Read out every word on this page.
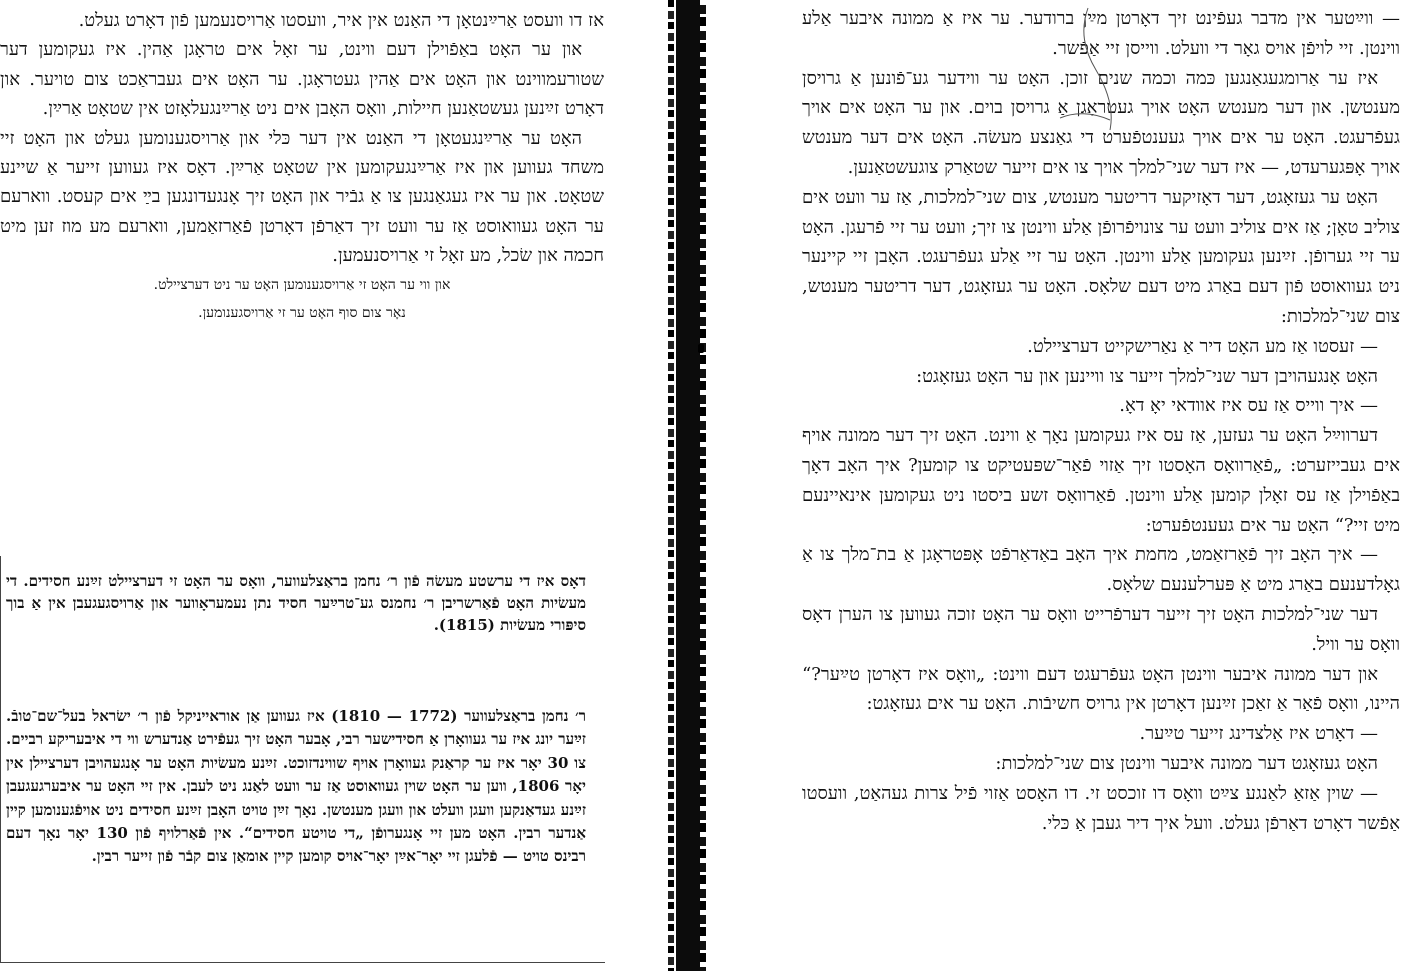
אז דו וועסט אַרײַנטאָן די האַנט אין איר, וועסטו אַרויסנעמען פֿון דאָרט געלט.

און ער האָט באַפֿוילן דעם ווינט, ער זאָל אים טראָגן אַהין. איז געקומען דער שטורעמווינט און האָט אים אַהין געטראָגן. ער האָט אים געבראַכט צום טויער. און דאָרט זײַנען געשטאַנען חיילות, וואָס האָבן אים ניט אַרײַנגעלאָזט אין שטאָט אַרײַן.

האָט ער אַרײַנגעטאָן די האַנט אין דער כּלי און אַרויסגענומען געלט און האָט זיי משחד געווען און איז אַרײַנגעקומען אין שטאָט אַרײַן. דאָס איז געווען זייער אַ שיינע שטאָט. און ער איז געגאַנגען צו אַ גבֿיר און האָט זיך אָנגעדונגען בײַ אים קעסט. ווארעם ער האָט געוואוסט אַז ער וועט זיך דאַרפֿן דאָרטן פֿאַרזאַמען, ווארעם מע מוז זען מיט חכמה און שׂכל, מע זאָל זי אַרויסנעמען.

און ווי ער האָט זי אַרויסגענומען האָט ער ניט דערציילט.

נאָר צום סוף האָט ער זי אַרויסגענומען.

דאָס איז די ערשטע מעשׂה פֿון ר׳ נחמן בראַצלעווער, וואָס ער האָט זי דערציילט זײַנע חסידים. די מעשׂיות האָט פֿאַרשריבן ר׳ נחמנס גע־טרײַער חסיד נתן נעמעראָווער און אַרויסגעגעבן אין אַ בוך סיפּורי מעשׂיות (1815).

ר׳ נחמן בראַצלעווער (1772 — 1810) איז געווען אַן אוראייניקל פֿון ר׳ ישׂראל בעל־שם־טובֿ. זײַער יונג איז ער געוואָרן אַ חסידישער רבי, אָבער האָט זיך געפֿירט אַנדערש ווי די איבעריקע רביים. צו 30 יאָר איז ער קראַנק געוואָרן אויף שווינדזוכט. זײַנע מעשׂיות האָט ער אָנגעהויבן דערציילן אין יאָר 1806, ווען ער האָט שוין געוואוסט אַז ער וועט לאַנג ניט לעבן. אין זיי האָט ער איבערגעגעבן זײַנע געדאַנקען וועגן וועלט און וועגן מענטשן. נאָך זײַן טויט האָבן זײַנע חסידים ניט אויפֿגענומען קיין אַנדער רבין. האָט מען זיי אָנגערופֿן „די טויטע חסידים“. אין פֿאַרלויף פֿון 130 יאָר נאָך דעם רבינס טויט — פֿלעגן זיי יאָר־אײַן יאָר־אויס קומען קיין אומאַן צום קבֿר פֿון זייער רבין.

— ווײַטער אין מדבר געפֿינט זיך דאָרטן מײַן ברודער. ער איז אַ ממונה איבער אַלע ווינטן. זיי לויפֿן אויס גאָר די וועלט. ווייסן זיי אַפֿשר.

איז ער אַרומגעגאַנגען כּמה וכמה שנים זוכן. האָט ער ווידער גע־פֿונען אַ גרויסן מענטשן. און דער מענטש האָט אויך געטראָגן אַ גרויסן בוים. און ער האָט אים אויך געפֿרעגט. האָט ער אים אויך געענטפֿערט די גאַנצע מעשׂה. האָט אים דער מענטש אויך אָפּגערעדט, — איז דער שני־למלך אויך צו אים זייער שטאַרק צוגעשטאַנען.

האָט ער געזאָגט, דער דאָזיקער דריטער מענטש, צום שני־למלכות, אַז ער וועט אים צוליב טאָן; אַז אים צוליב וועט ער צונויפֿרופֿן אַלע ווינטן צו זיך; וועט ער זיי פֿרעגן. האָט ער זיי גערופֿן. זײַנען געקומען אַלע ווינטן. האָט ער זיי אַלע געפֿרעגט. האָבן זיי קיינער ניט געוואוסט פֿון דעם באַרג מיט דעם שלאָס. האָט ער געזאָגט, דער דריטער מענטש, צום שני־למלכות:

— זעסטו אַז מע האָט דיר אַ נאַרישקייט דערציילט.

האָט אָנגעהויבן דער שני־למלך זייער צו וויינען און ער האָט געזאָגט:

— איך ווייס אַז עס איז אוודאי יאָ דאָ.

דערווײַל האָט ער געזען, אַז עס איז געקומען נאָך אַ ווינט. האָט זיך דער ממונה אויף אים געבייזערט: „פֿאַרוואָס האָסטו זיך אַזוי פֿאַר־שפּעטיקט צו קומען? איך האָב דאָך באַפֿוילן אַז עס זאָלן קומען אַלע ווינטן. פֿאַרוואָס זשע ביסטו ניט געקומען אינאיינעם מיט זיי?“ האָט ער אים געענטפֿערט:

— איך האָב זיך פֿאַרזאַמט, מחמת איך האָב באַדאַרפֿט אָפּטראָגן אַ בת־מלך צו אַ גאָלדענעם באַרג מיט אַ פּערלענעם שלאָס.

דער שני־למלכות האָט זיך זייער דערפֿרייט וואָס ער האָט זוכה געווען צו הערן דאָס וואָס ער וויל.

און דער ממונה איבער ווינטן האָט געפֿרעגט דעם ווינט: „וואָס איז דאָרטן טײַער?“ היינו, וואָס פֿאַר אַ זאַכן זײַנען דאָרטן אין גרויס חשיבֿות. האָט ער אים געזאָגט:

— דאָרט איז אַלצדינג זייער טײַער.

האָט געזאָגט דער ממונה איבער ווינטן צום שני־למלכות:

— שוין אַזאַ לאַנגע צײַט וואָס דו זוכסט זי. דו האָסט אַזוי פֿיל צרות געהאַט, וועסטו אַפֿשר דאָרט דאַרפֿן געלט. וועל איך דיר געבן אַ כּלי.
